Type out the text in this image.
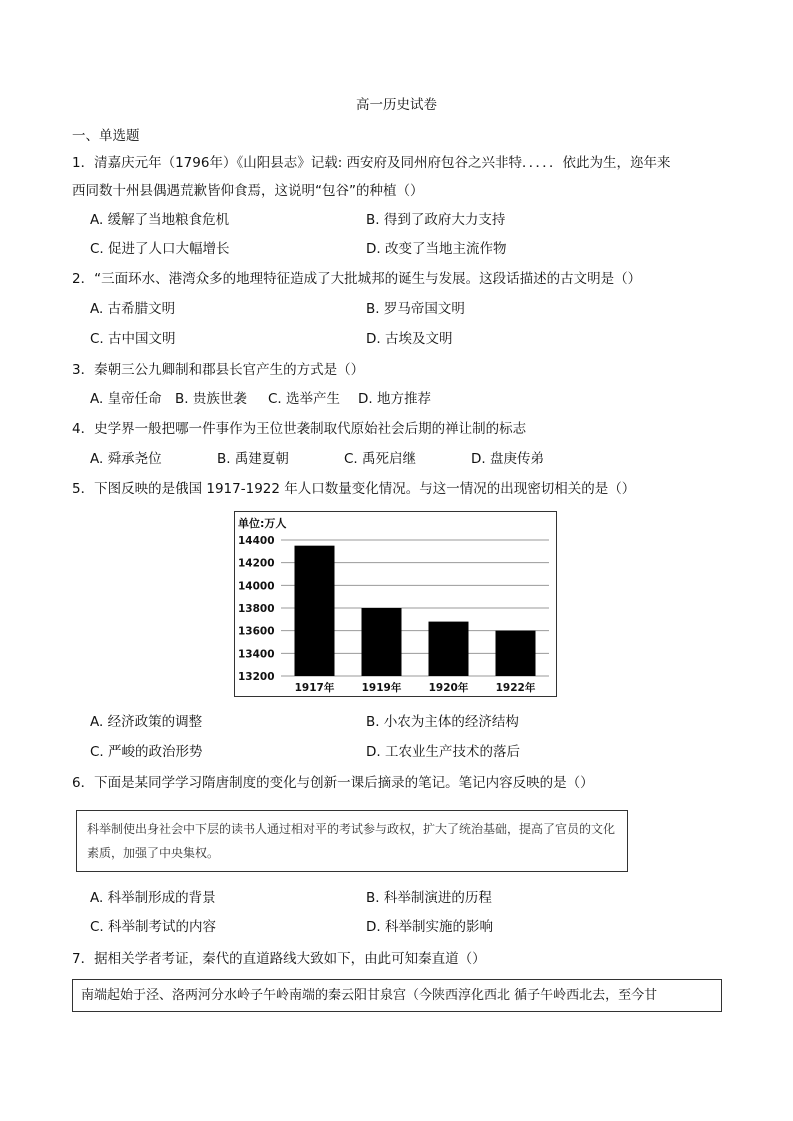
高一历史试卷
一、单选题
1．清嘉庆元年（1796年）《山阳县志》记载: 西安府及同州府包谷之兴非特．．．．．依此为生，迩年来
西同数十州县偶遇荒歉皆仰食焉，这说明“包谷”的种植（）
A. 缓解了当地粮食危机	B. 得到了政府大力支持
C. 促进了人口大幅增长	D. 改变了当地主流作物
2．“三面环水、港湾众多的地理特征造成了大批城邦的诞生与发展。这段话描述的古文明是（）
A. 古希腊文明	B. 罗马帝国文明
C. 古中国文明	D. 古埃及文明
3．秦朝三公九卿制和郡县长官产生的方式是（）
A. 皇帝任命 B. 贵族世袭 C. 选举产生 D. 地方推荐
4．史学界一般把哪一件事作为王位世袭制取代原始社会后期的禅让制的标志
A. 舜承尧位	B. 禹建夏朝	C. 禹死启继	D. 盘庚传弟
5．下图反映的是俄国 1917-1922 年人口数量变化情况。与这一情况的出现密切相关的是（）
单位:万人
14400
14200
14000
13800
13600
13400
13200
1917年	1919年	1920年	1922年
A. 经济政策的调整	B. 小农为主体的经济结构
C. 严峻的政治形势	D. 工农业生产技术的落后
6．下面是某同学学习隋唐制度的变化与创新一课后摘录的笔记。笔记内容反映的是（）
科举制使出身社会中下层的读书人通过相对平的考试参与政权，扩大了统治基础，提高了官员的文化素质，加强了中央集权。
A. 科举制形成的背景	B. 科举制演进的历程
C. 科举制考试的内容	D. 科举制实施的影响
7．据相关学者考证，秦代的直道路线大致如下，由此可知秦直道（）
南端起始于泾、洛两河分水岭子午岭南端的秦云阳甘泉宫（今陕西淳化西北 循子午岭西北去，至今甘
